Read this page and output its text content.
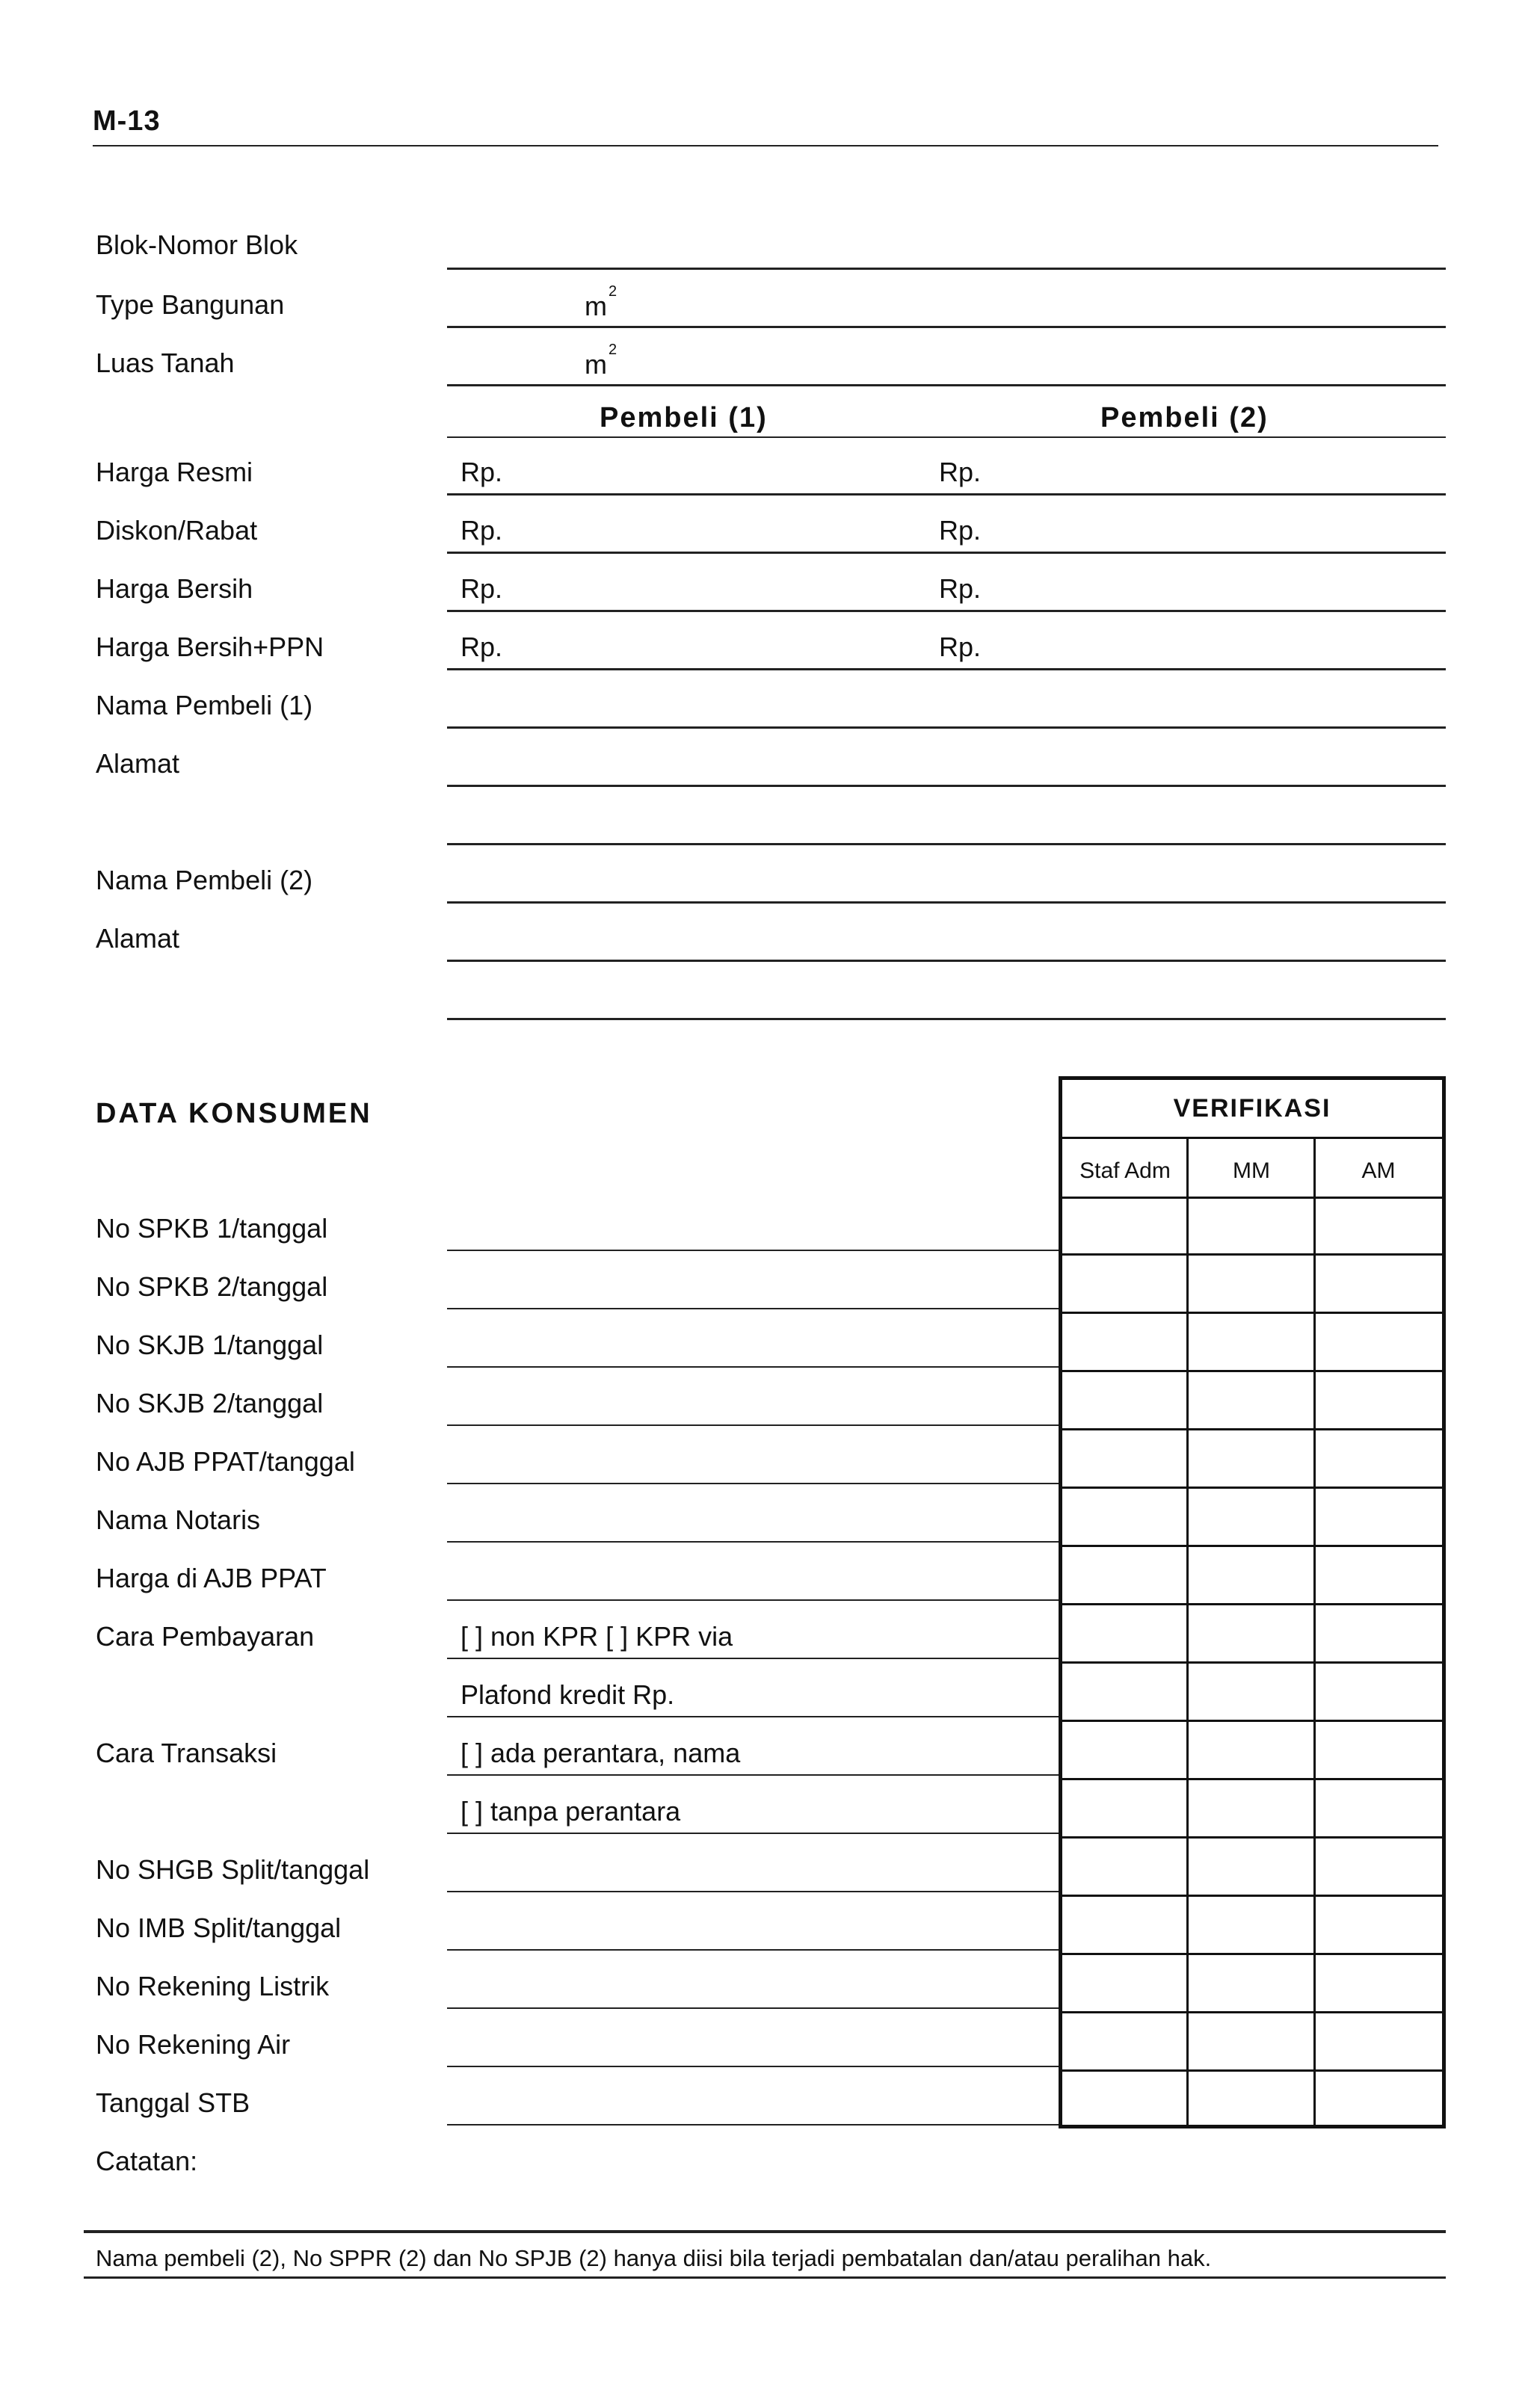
M-13
Blok-Nomor Blok
Type Bangunan	m 2
Luas Tanah	m 2
Pembeli (1)	Pembeli (2)
Harga Resmi	Rp.	Rp.
Diskon/Rabat	Rp.	Rp.
Harga Bersih	Rp.	Rp.
Harga Bersih+PPN	Rp.	Rp.
Nama Pembeli (1)
Alamat
Nama Pembeli (2)
Alamat
DATA KONSUMEN
No SPKB 1/tanggal
No SPKB 2/tanggal
No SKJB 1/tanggal
No SKJB 2/tanggal
No AJB PPAT/tanggal
Nama Notaris
Harga di AJB PPAT
Cara Pembayaran	[ ] non KPR [ ] KPR via
Plafond kredit Rp.
Cara Transaksi	[ ] ada perantara, nama
[ ] tanpa perantara
No SHGB Split/tanggal
No IMB Split/tanggal
No Rekening Listrik
No Rekening Air
Tanggal STB
Catatan:
VERIFIKASI
Staf Adm	MM	AM
Nama pembeli (2), No SPPR (2) dan No SPJB (2) hanya diisi bila terjadi pembatalan dan/atau peralihan hak.
